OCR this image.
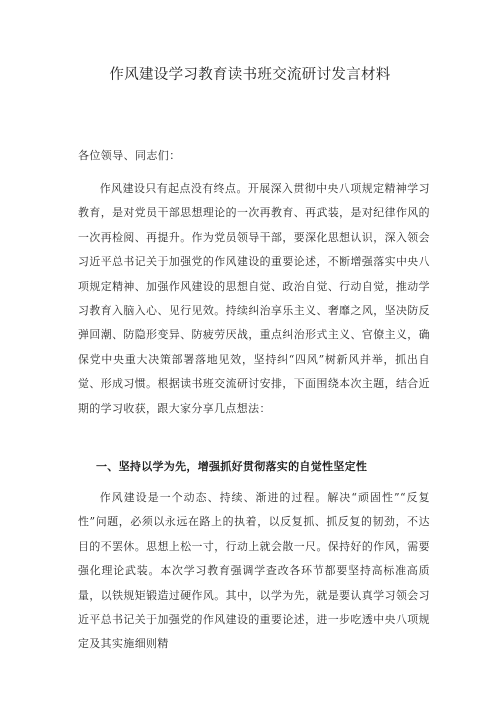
作风建设学习教育读书班交流研讨发言材料
各位领导、同志们：

作风建设只有起点没有终点。开展深入贯彻中央八项规定精神学习教育，是对党员干部思想理论的一次再教育、再武装，是对纪律作风的一次再检阅、再提升。作为党员领导干部，要深化思想认识，深入领会习近平总书记关于加强党的作风建设的重要论述，不断增强落实中央八项规定精神、加强作风建设的思想自觉、政治自觉、行动自觉，推动学习教育入脑入心、见行见效。持续纠治享乐主义、奢靡之风，坚决防反弹回潮、防隐形变异、防疲劳厌战，重点纠治形式主义、官僚主义，确保党中央重大决策部署落地见效，坚持纠“四风”树新风并举，抓出自觉、形成习惯。根据读书班交流研讨安排，下面围绕本次主题，结合近期的学习收获，跟大家分享几点想法：

一、坚持以学为先，增强抓好贯彻落实的自觉性坚定性

作风建设是一个动态、持续、渐进的过程。解决“顽固性”“反复性”问题，必须以永远在路上的执着，以反复抓、抓反复的韧劲，不达目的不罢休。思想上松一寸，行动上就会散一尺。保持好的作风，需要强化理论武装。本次学习教育强调学查改各环节都要坚持高标准高质量，以铁规矩锻造过硬作风。其中，以学为先，就是要认真学习领会习近平总书记关于加强党的作风建设的重要论述，进一步吃透中央八项规定及其实施细则精
